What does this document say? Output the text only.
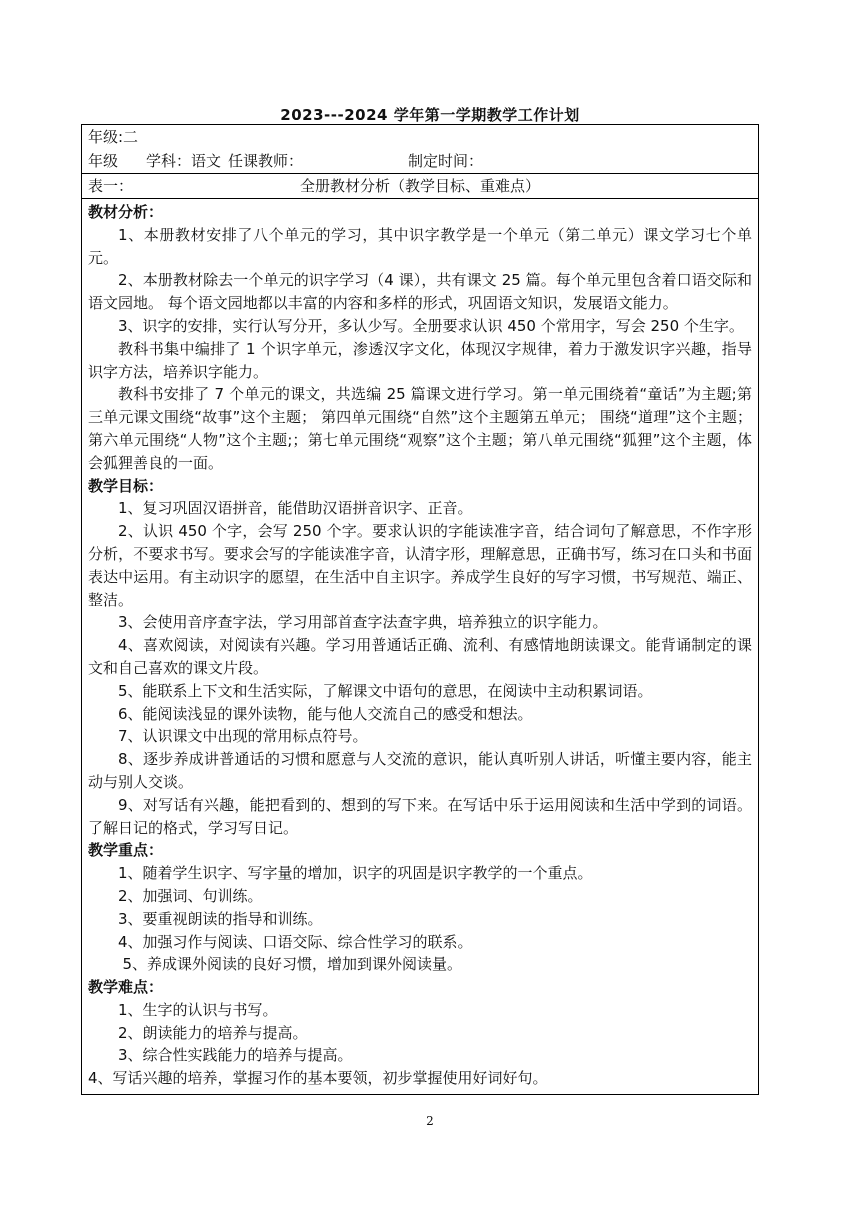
2023---2024 学年第一学期教学工作计划
年级:二年级 学科：语文 任课教师：	制定时间：

表一：	全册教材分析（教学目标、重难点）

教材分析：

1、本册教材安排了八个单元的学习，其中识字教学是一个单元（第二单元）课文学习七个单元。

2、本册教材除去一个单元的识字学习（4 课），共有课文 25 篇。每个单元里包含着口语交际和语文园地。 每个语文园地都以丰富的内容和多样的形式，巩固语文知识，发展语文能力。

3、识字的安排，实行认写分开，多认少写。全册要求认识 450 个常用字，写会 250 个生字。

教科书集中编排了 1 个识字单元，渗透汉字文化，体现汉字规律，着力于激发识字兴趣，指导识字方法，培养识字能力。

教科书安排了 7 个单元的课文，共选编 25 篇课文进行学习。第一单元围绕着“童话”为主题;第三单元课文围绕“故事”这个主题； 第四单元围绕“自然”这个主题第五单元； 围绕“道理”这个主题；第六单元围绕“人物”这个主题;；第七单元围绕“观察”这个主题；第八单元围绕“狐狸”这个主题，体会狐狸善良的一面。

教学目标：

1、复习巩固汉语拼音，能借助汉语拼音识字、正音。

2、认识 450 个字，会写 250 个字。要求认识的字能读准字音，结合词句了解意思，不作字形分析，不要求书写。要求会写的字能读准字音，认清字形，理解意思，正确书写，练习在口头和书面表达中运用。有主动识字的愿望，在生活中自主识字。养成学生良好的写字习惯，书写规范、端正、整洁。

3、会使用音序查字法，学习用部首查字法查字典，培养独立的识字能力。

4、喜欢阅读，对阅读有兴趣。学习用普通话正确、流利、有感情地朗读课文。能背诵制定的课文和自己喜欢的课文片段。

5、能联系上下文和生活实际，了解课文中语句的意思，在阅读中主动积累词语。

6、能阅读浅显的课外读物，能与他人交流自己的感受和想法。

7、认识课文中出现的常用标点符号。

8、逐步养成讲普通话的习惯和愿意与人交流的意识，能认真听别人讲话，听懂主要内容，能主动与别人交谈。

9、对写话有兴趣，能把看到的、想到的写下来。在写话中乐于运用阅读和生活中学到的词语。了解日记的格式，学习写日记。

教学重点：

1、随着学生识字、写字量的增加，识字的巩固是识字教学的一个重点。

2、加强词、句训练。

3、要重视朗读的指导和训练。

4、加强习作与阅读、口语交际、综合性学习的联系。

5、养成课外阅读的良好习惯，增加到课外阅读量。

教学难点：

1、生字的认识与书写。

2、朗读能力的培养与提高。

3、综合性实践能力的培养与提高。

4、写话兴趣的培养，掌握习作的基本要领，初步掌握使用好词好句。

2
